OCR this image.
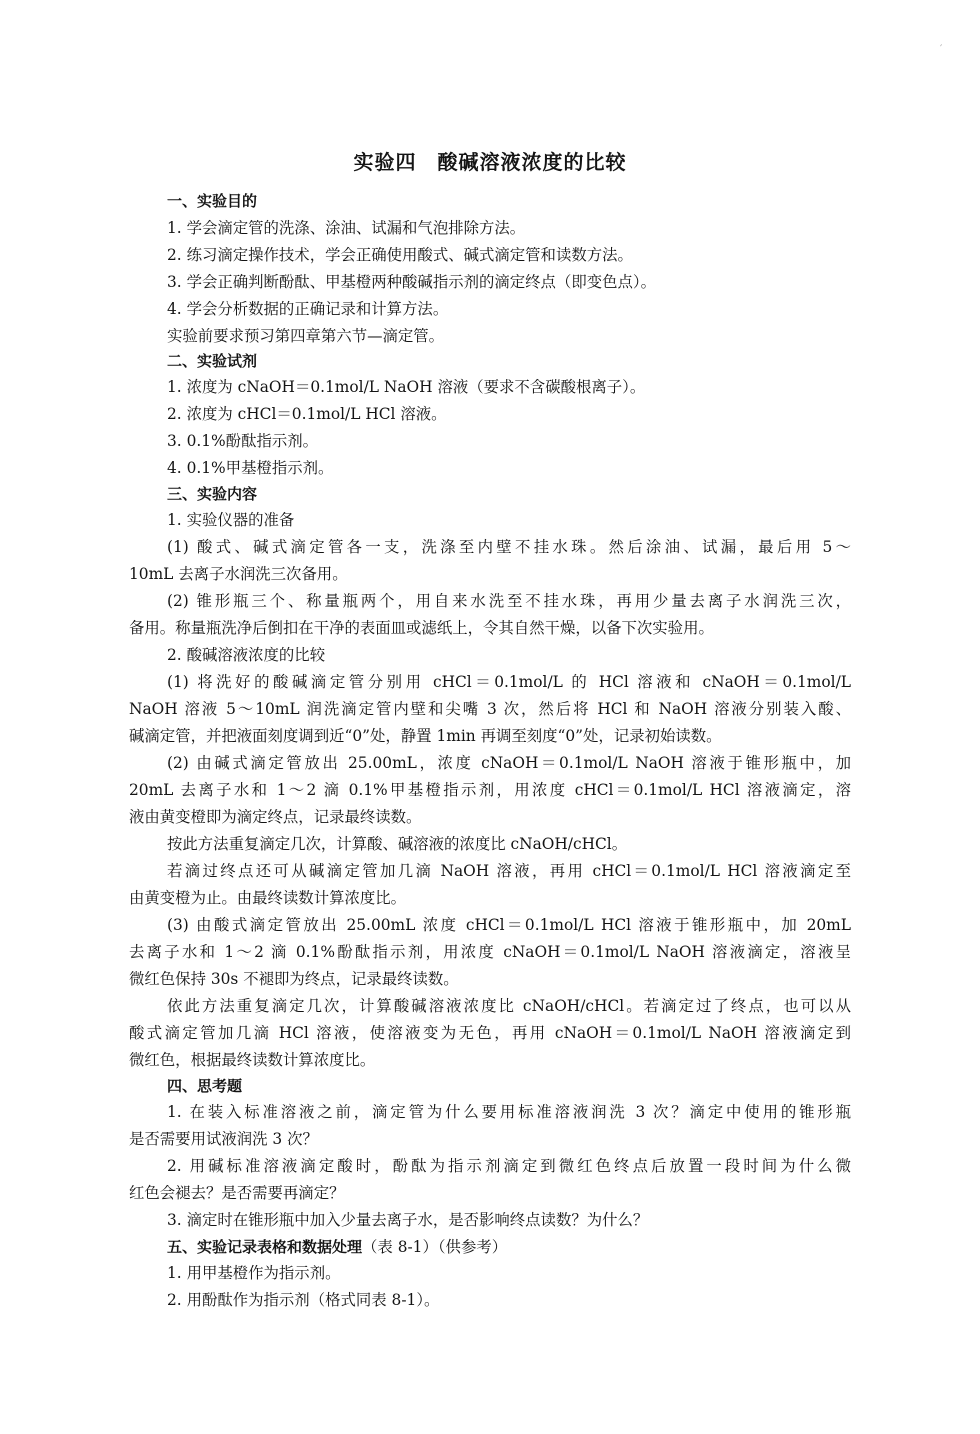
′
实验四　酸碱溶液浓度的比较
一、实验目的
1. 学会滴定管的洗涤、涂油、试漏和气泡排除方法。
2. 练习滴定操作技术，学会正确使用酸式、碱式滴定管和读数方法。
3. 学会正确判断酚酞、甲基橙两种酸碱指示剂的滴定终点（即变色点）。
4. 学会分析数据的正确记录和计算方法。
实验前要求预习第四章第六节—滴定管。
二、实验试剂
1. 浓度为 cNaOH＝0.1mol/L NaOH 溶液（要求不含碳酸根离子）。
2. 浓度为 cHCl＝0.1mol/L HCl 溶液。
3. 0.1%酚酞指示剂。
4. 0.1%甲基橙指示剂。
三、实验内容
1. 实验仪器的准备
(1) 酸式、碱式滴定管各一支，洗涤至内壁不挂水珠。然后涂油、试漏，最后用 5～
10mL 去离子水润洗三次备用。
(2) 锥形瓶三个、称量瓶两个，用自来水洗至不挂水珠，再用少量去离子水润洗三次，
备用。称量瓶洗净后倒扣在干净的表面皿或滤纸上，令其自然干燥，以备下次实验用。
2. 酸碱溶液浓度的比较
(1) 将洗好的酸碱滴定管分别用 cHCl＝0.1mol/L 的 HCl 溶液和 cNaOH＝0.1mol/L
NaOH 溶液 5～10mL 润洗滴定管内壁和尖嘴 3 次，然后将 HCl 和 NaOH 溶液分别装入酸、
碱滴定管，并把液面刻度调到近“0”处，静置 1min 再调至刻度“0”处，记录初始读数。
(2) 由碱式滴定管放出 25.00mL，浓度 cNaOH＝0.1mol/L NaOH 溶液于锥形瓶中，加
20mL 去离子水和 1～2 滴 0.1%甲基橙指示剂，用浓度 cHCl＝0.1mol/L HCl 溶液滴定，溶
液由黄变橙即为滴定终点，记录最终读数。
按此方法重复滴定几次，计算酸、碱溶液的浓度比 cNaOH/cHCl。
若滴过终点还可从碱滴定管加几滴 NaOH 溶液，再用 cHCl＝0.1mol/L HCl 溶液滴定至
由黄变橙为止。由最终读数计算浓度比。
(3) 由酸式滴定管放出 25.00mL 浓度 cHCl＝0.1mol/L HCl 溶液于锥形瓶中，加 20mL
去离子水和 1～2 滴 0.1%酚酞指示剂，用浓度 cNaOH＝0.1mol/L NaOH 溶液滴定，溶液呈
微红色保持 30s 不褪即为终点，记录最终读数。
依此方法重复滴定几次，计算酸碱溶液浓度比 cNaOH/cHCl。若滴定过了终点，也可以从
酸式滴定管加几滴 HCl 溶液，使溶液变为无色，再用 cNaOH＝0.1mol/L NaOH 溶液滴定到
微红色，根据最终读数计算浓度比。
四、思考题
1. 在装入标准溶液之前，滴定管为什么要用标准溶液润洗 3 次？滴定中使用的锥形瓶
是否需要用试液润洗 3 次？
2. 用碱标准溶液滴定酸时，酚酞为指示剂滴定到微红色终点后放置一段时间为什么微
红色会褪去？是否需要再滴定？
3. 滴定时在锥形瓶中加入少量去离子水，是否影响终点读数？为什么？
五、实验记录表格和数据处理（表 8-1）（供参考）
1. 用甲基橙作为指示剂。
2. 用酚酞作为指示剂（格式同表 8-1）。
